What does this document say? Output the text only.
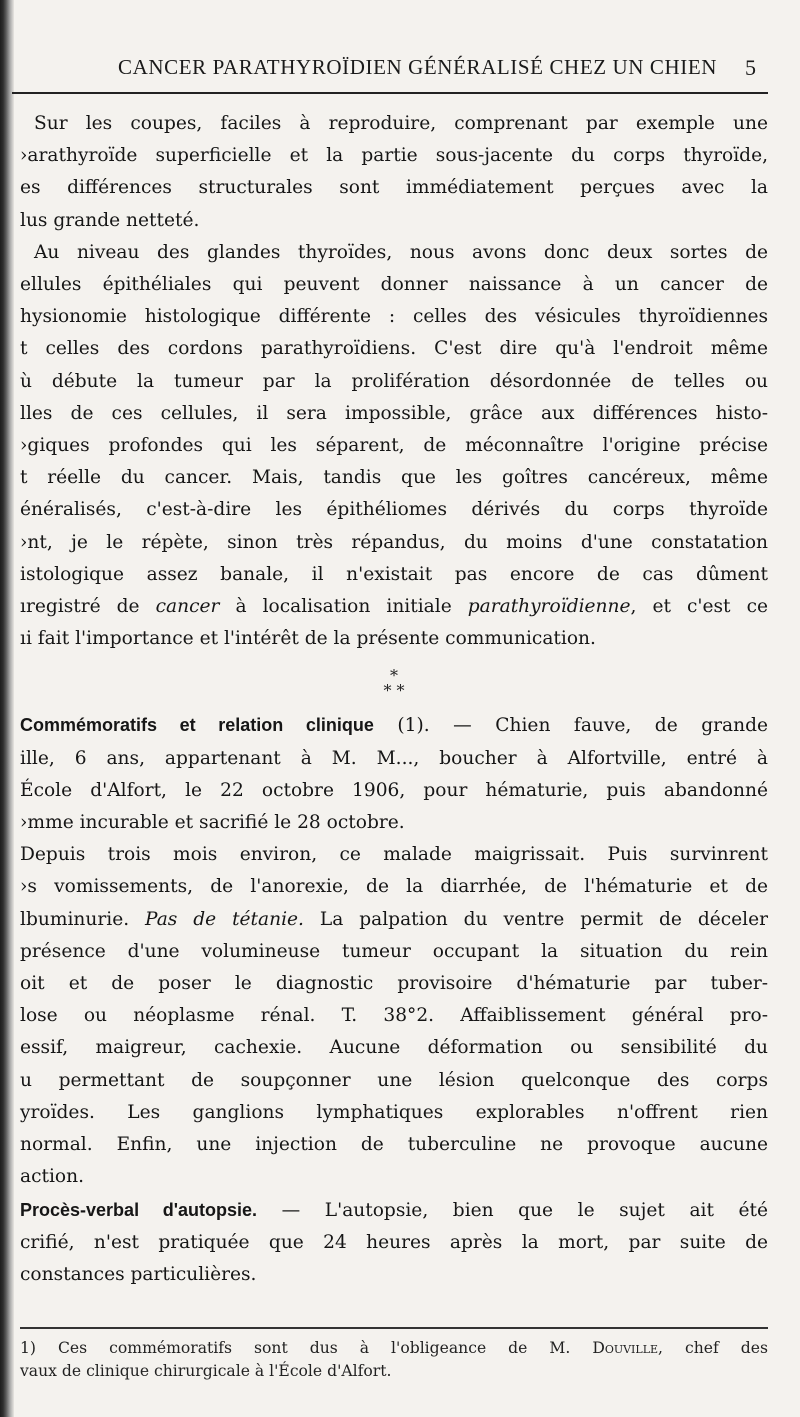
CANCER PARATHYROÏDIEN GÉNÉRALISÉ CHEZ UN CHIEN 5

Sur les coupes, faciles à reproduire, comprenant par exemple une

›arathyroïde superficielle et la partie sous-jacente du corps thyroïde,

es différences structurales sont immédiatement perçues avec la

lus grande netteté.

Au niveau des glandes thyroïdes, nous avons donc deux sortes de

ellules épithéliales qui peuvent donner naissance à un cancer de

hysionomie histologique différente : celles des vésicules thyroïdiennes

t celles des cordons parathyroïdiens. C'est dire qu'à l'endroit même

ù débute la tumeur par la prolifération désordonnée de telles ou

lles de ces cellules, il sera impossible, grâce aux différences histo-

›giques profondes qui les séparent, de méconnaître l'origine précise

t réelle du cancer. Mais, tandis que les goîtres cancéreux, même

énéralisés, c'est-à-dire les épithéliomes dérivés du corps thyroïde

›nt, je le répète, sinon très répandus, du moins d'une constatation

istologique assez banale, il n'existait pas encore de cas dûment

ıregistré de cancer à localisation initiale parathyroïdienne, et c'est ce

ıi fait l'importance et l'intérêt de la présente communication.

*
* *

Commémoratifs et relation clinique (1). — Chien fauve, de grande

ille, 6 ans, appartenant à M. M..., boucher à Alfortville, entré à

École d'Alfort, le 22 octobre 1906, pour hématurie, puis abandonné

›mme incurable et sacrifié le 28 octobre.

Depuis trois mois environ, ce malade maigrissait. Puis survinrent

›s vomissements, de l'anorexie, de la diarrhée, de l'hématurie et de

lbuminurie. Pas de tétanie. La palpation du ventre permit de déceler

présence d'une volumineuse tumeur occupant la situation du rein

oit et de poser le diagnostic provisoire d'hématurie par tuber-

lose ou néoplasme rénal. T. 38°2. Affaiblissement général pro-

essif, maigreur, cachexie. Aucune déformation ou sensibilité du

u permettant de soupçonner une lésion quelconque des corps

yroïdes. Les ganglions lymphatiques explorables n'offrent rien

normal. Enfin, une injection de tuberculine ne provoque aucune

action.

Procès-verbal d'autopsie. — L'autopsie, bien que le sujet ait été

crifié, n'est pratiquée que 24 heures après la mort, par suite de

constances particulières.

1) Ces commémoratifs sont dus à l'obligeance de M. Douville, chef des

vaux de clinique chirurgicale à l'École d'Alfort.
